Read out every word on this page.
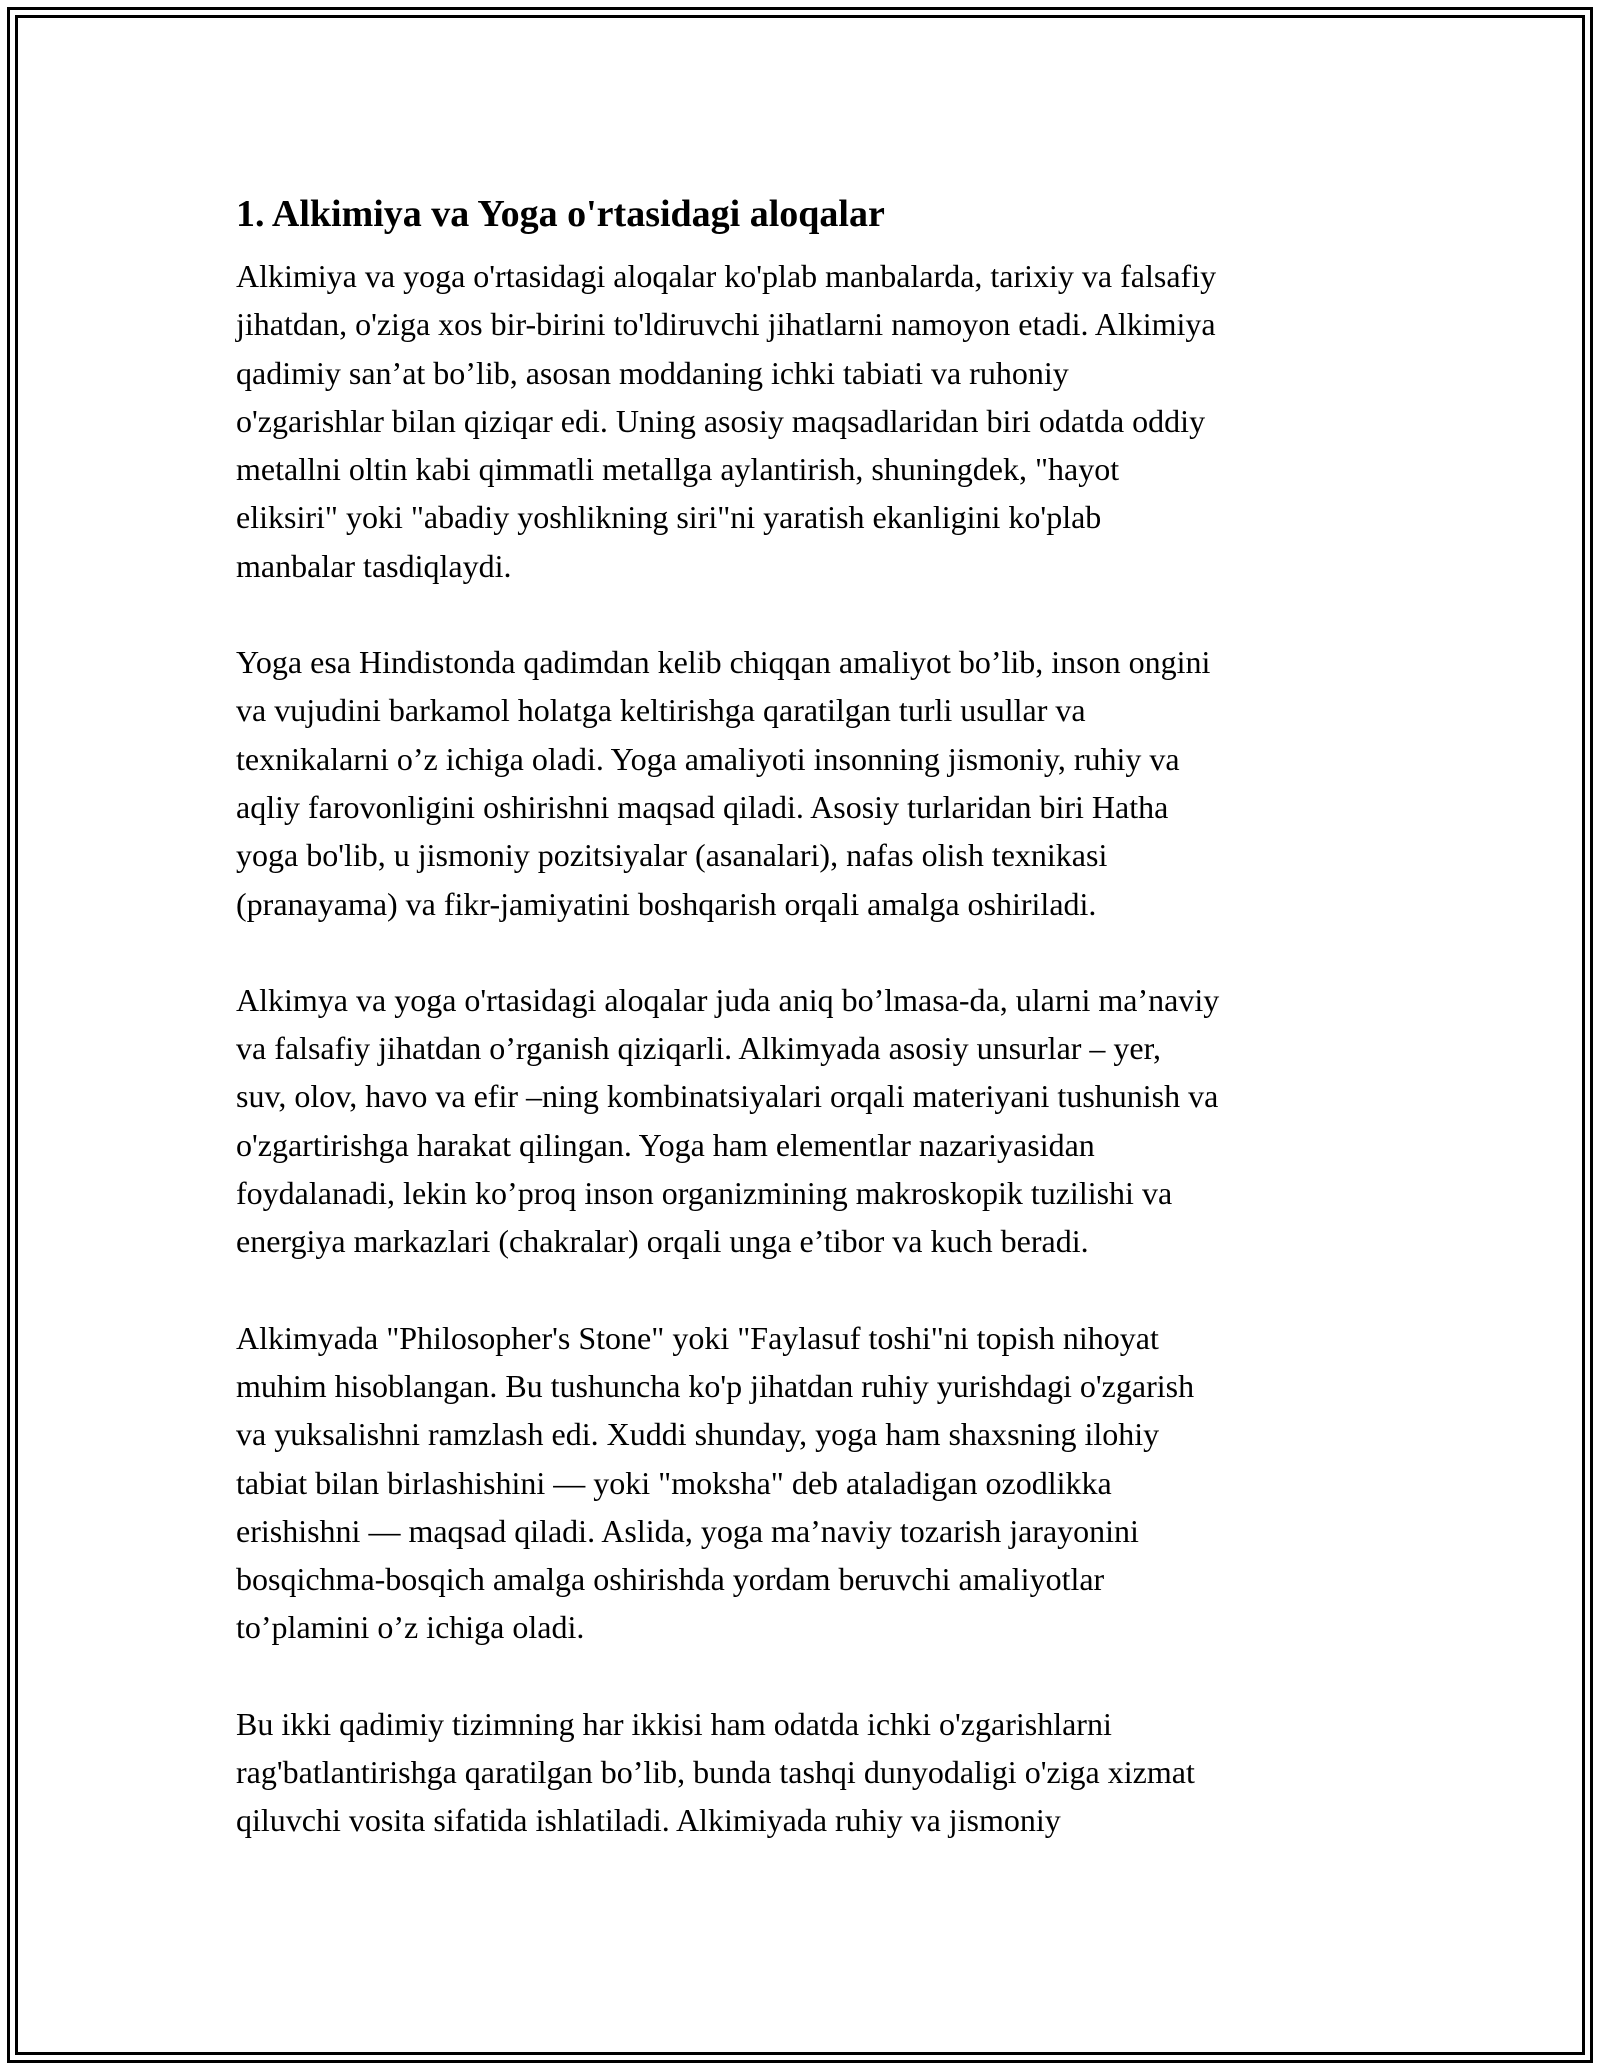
1. Alkimiya va Yoga o'rtasidagi aloqalar

Alkimiya va yoga o'rtasidagi aloqalar ko'plab manbalarda, tarixiy va falsafiy
jihatdan, o'ziga xos bir-birini to'ldiruvchi jihatlarni namoyon etadi. Alkimiya
qadimiy san’at bo’lib, asosan moddaning ichki tabiati va ruhoniy
o'zgarishlar bilan qiziqar edi. Uning asosiy maqsadlaridan biri odatda oddiy
metallni oltin kabi qimmatli metallga aylantirish, shuningdek, "hayot
eliksiri" yoki "abadiy yoshlikning siri"ni yaratish ekanligini ko'plab
manbalar tasdiqlaydi.

Yoga esa Hindistonda qadimdan kelib chiqqan amaliyot bo’lib, inson ongini
va vujudini barkamol holatga keltirishga qaratilgan turli usullar va
texnikalarni o’z ichiga oladi. Yoga amaliyoti insonning jismoniy, ruhiy va
aqliy farovonligini oshirishni maqsad qiladi. Asosiy turlaridan biri Hatha
yoga bo'lib, u jismoniy pozitsiyalar (asanalari), nafas olish texnikasi
(pranayama) va fikr-jamiyatini boshqarish orqali amalga oshiriladi.

Alkimya va yoga o'rtasidagi aloqalar juda aniq bo’lmasa-da, ularni ma’naviy
va falsafiy jihatdan o’rganish qiziqarli. Alkimyada asosiy unsurlar – yer,
suv, olov, havo va efir –ning kombinatsiyalari orqali materiyani tushunish va
o'zgartirishga harakat qilingan. Yoga ham elementlar nazariyasidan
foydalanadi, lekin ko’proq inson organizmining makroskopik tuzilishi va
energiya markazlari (chakralar) orqali unga e’tibor va kuch beradi.

Alkimyada "Philosopher's Stone" yoki "Faylasuf toshi"ni topish nihoyat
muhim hisoblangan. Bu tushuncha ko'p jihatdan ruhiy yurishdagi o'zgarish
va yuksalishni ramzlash edi. Xuddi shunday, yoga ham shaxsning ilohiy
tabiat bilan birlashishini — yoki "moksha" deb ataladigan ozodlikka
erishishni — maqsad qiladi. Aslida, yoga ma’naviy tozarish jarayonini
bosqichma-bosqich amalga oshirishda yordam beruvchi amaliyotlar
to’plamini o’z ichiga oladi.

Bu ikki qadimiy tizimning har ikkisi ham odatda ichki o'zgarishlarni
rag'batlantirishga qaratilgan bo’lib, bunda tashqi dunyodaligi o'ziga xizmat
qiluvchi vosita sifatida ishlatiladi. Alkimiyada ruhiy va jismoniy
